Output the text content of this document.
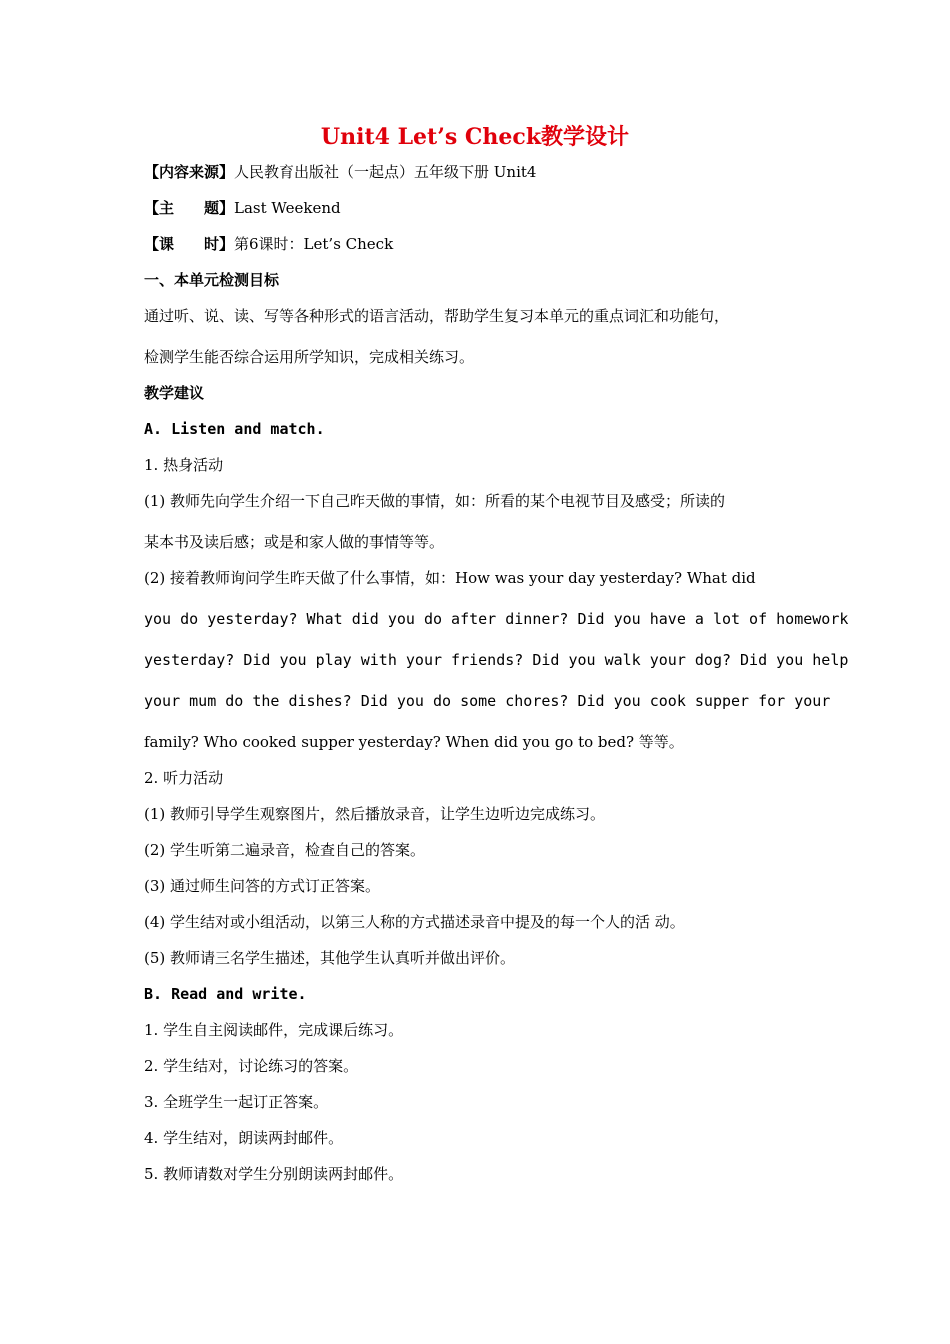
Unit4 Let’s Check教学设计

【内容来源】人民教育出版社（一起点）五年级下册 Unit4

【主　　题】Last Weekend

【课　　时】第6课时：Let’s Check

一、本单元检测目标

通过听、说、读、写等各种形式的语言活动，帮助学生复习本单元的重点词汇和功能句，

检测学生能否综合运用所学知识，完成相关练习。

教学建议

A. Listen and match.

1. 热身活动

(1) 教师先向学生介绍一下自己昨天做的事情，如：所看的某个电视节目及感受；所读的

某本书及读后感；或是和家人做的事情等等。

(2) 接着教师询问学生昨天做了什么事情，如：How was your day yesterday? What did

you do yesterday? What did you do after dinner? Did you have a lot of homework

yesterday? Did you play with your friends? Did you walk your dog? Did you help

your mum do the dishes? Did you do some chores? Did you cook supper for your

family? Who cooked supper yesterday? When did you go to bed? 等等。

2. 听力活动

(1) 教师引导学生观察图片，然后播放录音，让学生边听边完成练习。

(2) 学生听第二遍录音，检查自己的答案。

(3) 通过师生问答的方式订正答案。

(4) 学生结对或小组活动，以第三人称的方式描述录音中提及的每一个人的活 动。

(5) 教师请三名学生描述，其他学生认真听并做出评价。

B. Read and write.

1. 学生自主阅读邮件，完成课后练习。

2. 学生结对，讨论练习的答案。

3. 全班学生一起订正答案。

4. 学生结对，朗读两封邮件。

5. 教师请数对学生分别朗读两封邮件。
